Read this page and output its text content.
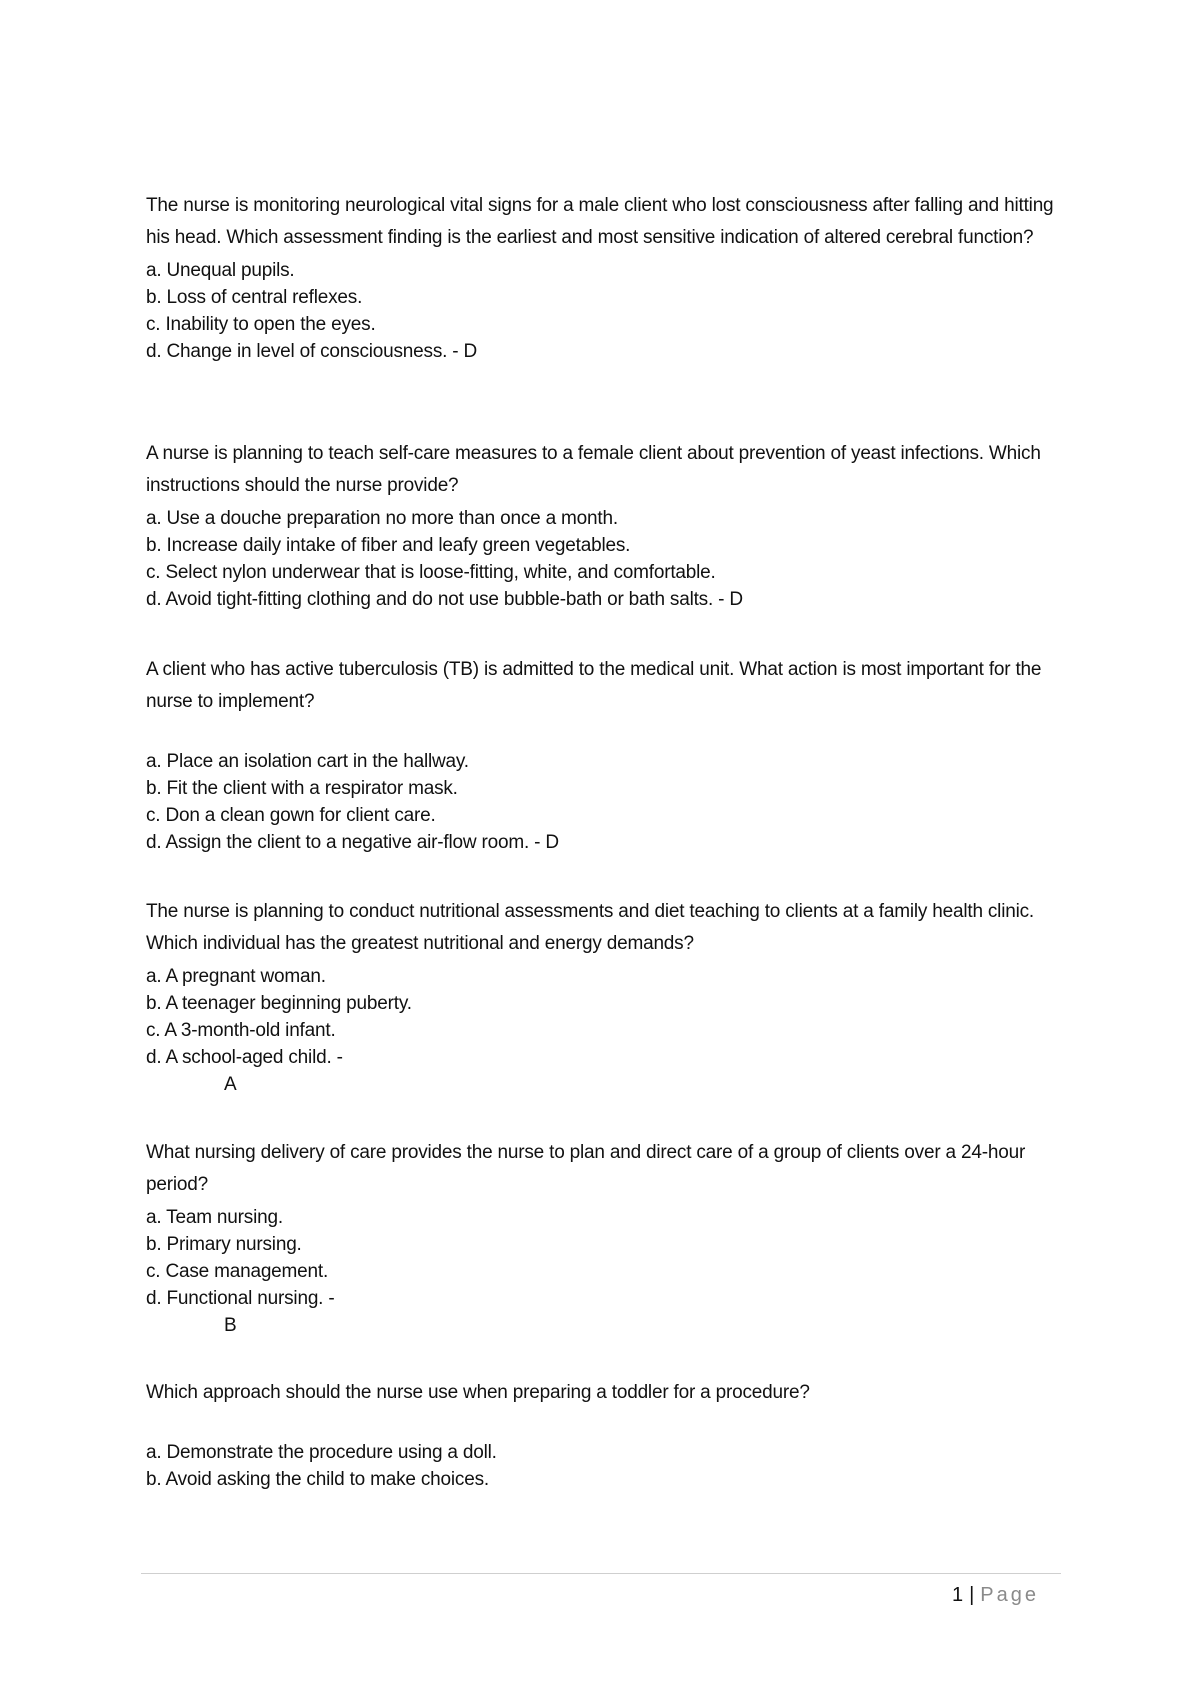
The nurse is monitoring neurological vital signs for a male client who lost consciousness after falling and hitting his head. Which assessment finding is the earliest and most sensitive indication of altered cerebral function?

a. Unequal pupils.
b. Loss of central reflexes.
c. Inability to open the eyes.
d. Change in level of consciousness. - D

A nurse is planning to teach self-care measures to a female client about prevention of yeast infections. Which instructions should the nurse provide?

a. Use a douche preparation no more than once a month.
b. Increase daily intake of fiber and leafy green vegetables.
c. Select nylon underwear that is loose-fitting, white, and comfortable.
d. Avoid tight-fitting clothing and do not use bubble-bath or bath salts. - D

A client who has active tuberculosis (TB) is admitted to the medical unit. What action is most important for the nurse to implement?

a. Place an isolation cart in the hallway.
b. Fit the client with a respirator mask.
c. Don a clean gown for client care.
d. Assign the client to a negative air-flow room. - D

The nurse is planning to conduct nutritional assessments and diet teaching to clients at a family health clinic. Which individual has the greatest nutritional and energy demands?

a. A pregnant woman.
b. A teenager beginning puberty.
c. A 3-month-old infant.
d. A school-aged child. -
A

What nursing delivery of care provides the nurse to plan and direct care of a group of clients over a 24-hour period?

a. Team nursing.
b. Primary nursing.
c. Case management.
d. Functional nursing. -
B

Which approach should the nurse use when preparing a toddler for a procedure?

a. Demonstrate the procedure using a doll.
b. Avoid asking the child to make choices.
1 | Page
